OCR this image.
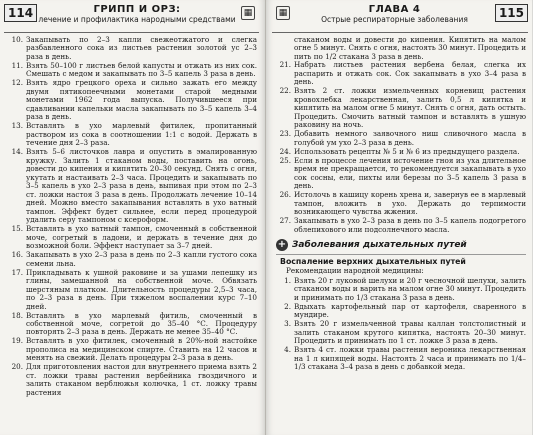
114	ГРИПП И ОРЗ:
лечение и профилактика народными средствами
▦
10. Закапывать по 2–3 капли свежеотжатого и слегка разбавленного сока из листьев растения золотой ус 2–3 раза в день.
11. Взять 50–100 г листьев белой капусты и отжать из них сок. Смешать с медом и закапывать по 3–5 капель 3 раза в день.
12. Взять ядро грецкого ореха и сильно зажать его между двумя пятикопеечными монетами старой медными монетами 1962 года выпуска. Получившееся при сдавливании капельки масла закапывать по 3–5 капель 3–4 раза в день.
13. Вставлять в ухо марлевый фитилек, пропитанный раствором из сока в соотношении 1:1 с водой. Держать в течение дня 2–3 раза.
14. Взять 5–6 листочков лавра и опустить в эмалированную кружку. Залить 1 стаканом воды, поставить на огонь, довести до кипения и кипятить 20–30 секунд. Снять с огня, укутать и настаивать 2–3 часа. Процедить и закапывать по 3–5 капель в ухо 2–3 раза в день, выпивая при этом по 2–3 ст. ложки настоя 3 раза в день. Продолжать лечение 10–14 дней. Можно вместо закапывания вставлять в ухо ватный тампон. Эффект будет сильнее, если перед процедурой удалить серу тампоном с ксероформ.
15. Вставлять в ухо ватный тампон, смоченный в собственной моче, согретый в ладони, и держать в течение дня до возможной боли. Эффект наступает за 3–7 дней.
16. Закапывать в ухо 2–3 раза в день по 2–3 капли густого сока семени льна.
17. Прикладывать к ушной раковине и за ушами лепешку из глины, замешанной на собственной моче. Обвязать шерстяным платком. Длительность процедуры 2,5–3 часа, по 2–3 раза в день. При тяжелом воспалении курс 7–10 дней.
18. Вставлять в ухо марлевый фитиль, смоченный в собственной моче, согретой до 35–40 °С. Процедуру повторять 2–3 раза в день. Держать не менее 35–40 °С.
19. Вставлять в ухо фитилек, смоченный в 20%-ной настойке прополиса на медицинском спирте. Ставить на 12 часов и менять на свежий. Делать процедуры 2–3 раза в день.
20. Для приготовления настоя для внутреннего приема взять 2 ст. ложки травы растения вербейника гвоздичного и залить стаканом верблюжья колючка, 1 ст. ложку травы растения
▦	ГЛАВА 4
Острые респираторные заболевания	115
стаканом воды и довести до кипения. Кипятить на малом огне 5 минут. Снять с огня, настоять 30 минут. Процедить и пить по 1/2 стакана 3 раза в день.
21. Набрать листьев растения вербена белая, слегка их распарить и отжать сок. Сок закапывать в ухо 3–4 раза в день.
22. Взять 2 ст. ложки измельченных корневищ растения кровохлебка лекарственная, залить 0,5 л кипятка и кипятить на малом огне 5 минут. Снять с огня, дать остыть. Процедить. Смочить ватный тампон и вставлять в ушную раковину на ночь.
23. Добавить немного заявочного ниш сливочного масла в голубой ум ухо 2–3 раза в день.
24. Использовать рецепты № 5 и № 6 из предыдущего раздела.
25. Если в процессе лечения источение гноя из уха длительное время не прекращается, то рекомендуется закапывать в ухо сок сосны, ели, пихты или березы по 3–5 капель 3 раза в день.
26. Истолочь в кашицу корень хрена и, завернув ее в марлевый тампон, вложить в ухо. Держать до терпимости возникающего чувства жжения.
27. Закапывать в ухо 2–3 раза в день по 3–5 капель подогретого облепихового или подсолнечного масла.
+ Заболевания дыхательных путей
Воспаление верхних дыхательных путей
Рекомендации народной медицины:
1. Взять 20 г луковой шелухи и 20 г чесночной шелухи, залить стаканом воды и варить на малом огне 30 минут. Процедить и принимать по 1/3 стакана 3 раза в день.
2. Вдыхать картофельный пар от картофеля, сваренного в мундире.
3. Взять 20 г измельченной травы каллан толстолистный и залить стаканом крутого кипятка, настоять 20–30 минут. Процедить и принимать по 1 ст. ложке 3 раза в день.
4. Взять 4 ст. ложки травы растения вероника лекарственная на 1 л кипящей воды. Настоять 2 часа и принимать по 1/4–1/3 стакана 3–4 раза в день с добавкой меда.
